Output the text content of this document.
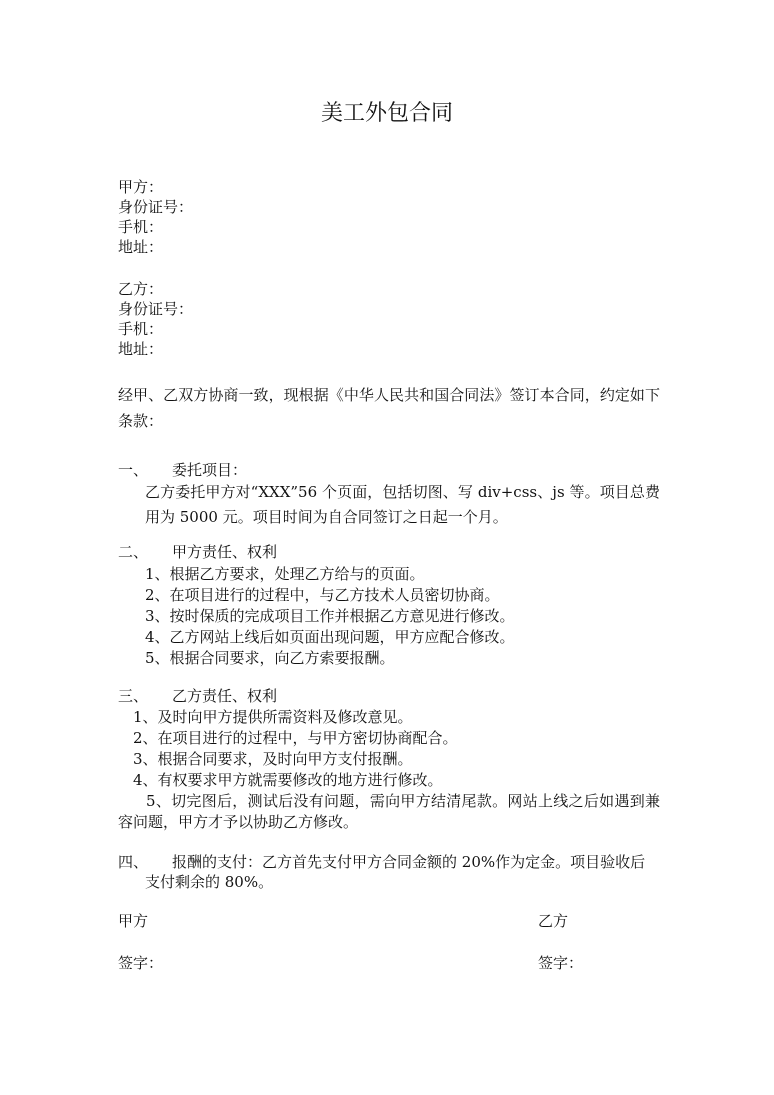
美工外包合同
甲方：
身份证号：
手机：
地址：
乙方：
身份证号：
手机：
地址：
经甲、乙双方协商一致，现根据《中华人民共和国合同法》签订本合同，约定如下条款：
一、 委托项目：
乙方委托甲方对“XXX”56 个页面，包括切图、写 div+css、js 等。项目总费用为 5000 元。项目时间为自合同签订之日起一个月。
二、 甲方责任、权利
1、根据乙方要求，处理乙方给与的页面。
2、在项目进行的过程中，与乙方技术人员密切协商。
3、按时保质的完成项目工作并根据乙方意见进行修改。
4、乙方网站上线后如页面出现问题，甲方应配合修改。
5、根据合同要求，向乙方索要报酬。
三、 乙方责任、权利
1、及时向甲方提供所需资料及修改意见。
2、在项目进行的过程中，与甲方密切协商配合。
3、根据合同要求，及时向甲方支付报酬。
4、有权要求甲方就需要修改的地方进行修改。
5、切完图后，测试后没有问题，需向甲方结清尾款。网站上线之后如遇到兼容问题，甲方才予以协助乙方修改。
四、 报酬的支付：乙方首先支付甲方合同金额的 20%作为定金。项目验收后
支付剩余的 80%。
甲方	乙方
签字：	签字：
